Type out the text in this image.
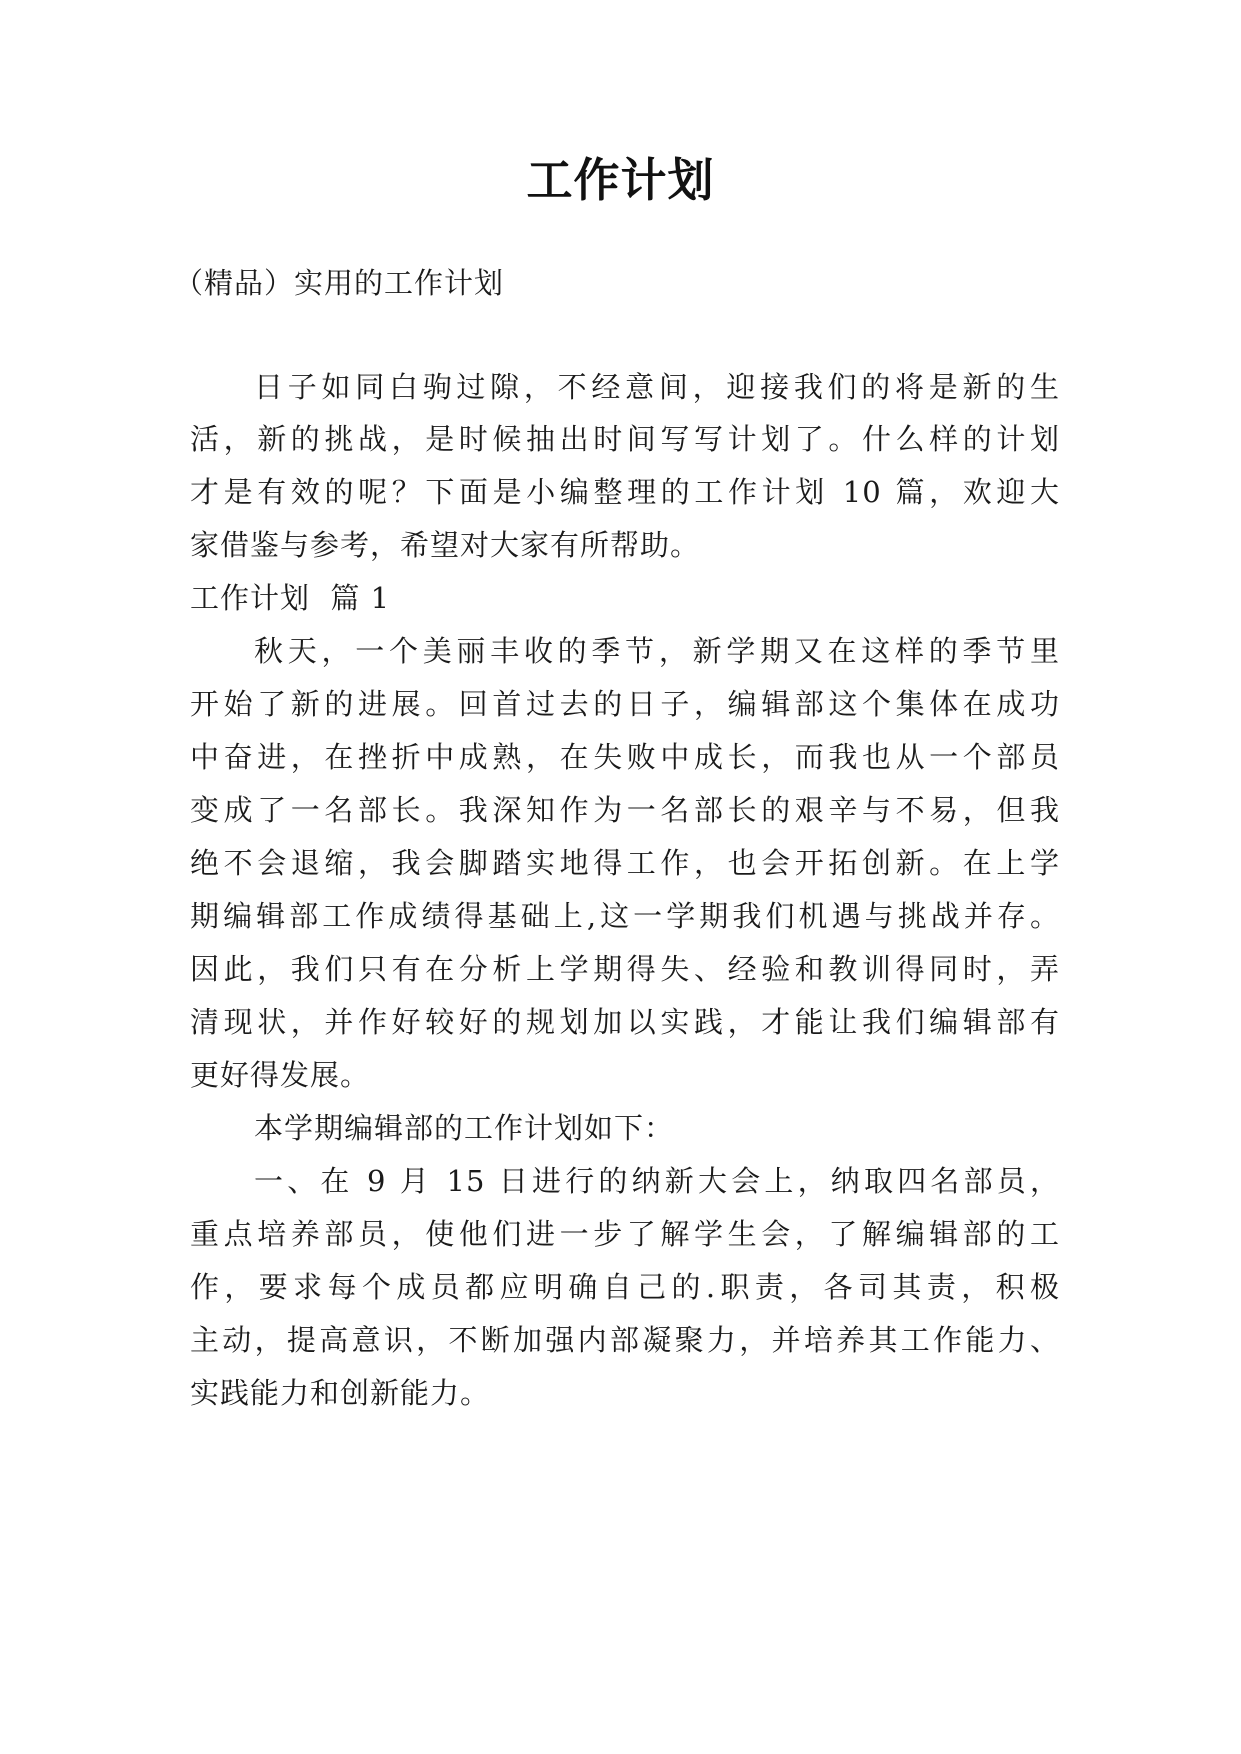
工作计划
（精品）实用的工作计划
日子如同白驹过隙，不经意间，迎接我们的将是新的生
活，新的挑战，是时候抽出时间写写计划了。什么样的计划
才是有效的呢？下面是小编整理的工作计划 10 篇，欢迎大
家借鉴与参考，希望对大家有所帮助。
工作计划  篇 1
秋天，一个美丽丰收的季节，新学期又在这样的季节里
开始了新的进展。回首过去的日子，编辑部这个集体在成功
中奋进，在挫折中成熟，在失败中成长，而我也从一个部员
变成了一名部长。我深知作为一名部长的艰辛与不易，但我
绝不会退缩，我会脚踏实地得工作，也会开拓创新。在上学
期编辑部工作成绩得基础上,这一学期我们机遇与挑战并存。
因此，我们只有在分析上学期得失、经验和教训得同时，弄
清现状，并作好较好的规划加以实践，才能让我们编辑部有
更好得发展。
本学期编辑部的工作计划如下：
一、在 9 月 15 日进行的纳新大会上，纳取四名部员，
重点培养部员，使他们进一步了解学生会，了解编辑部的工
作，要求每个成员都应明确自己的.职责，各司其责，积极
主动，提高意识，不断加强内部凝聚力，并培养其工作能力、
实践能力和创新能力。
